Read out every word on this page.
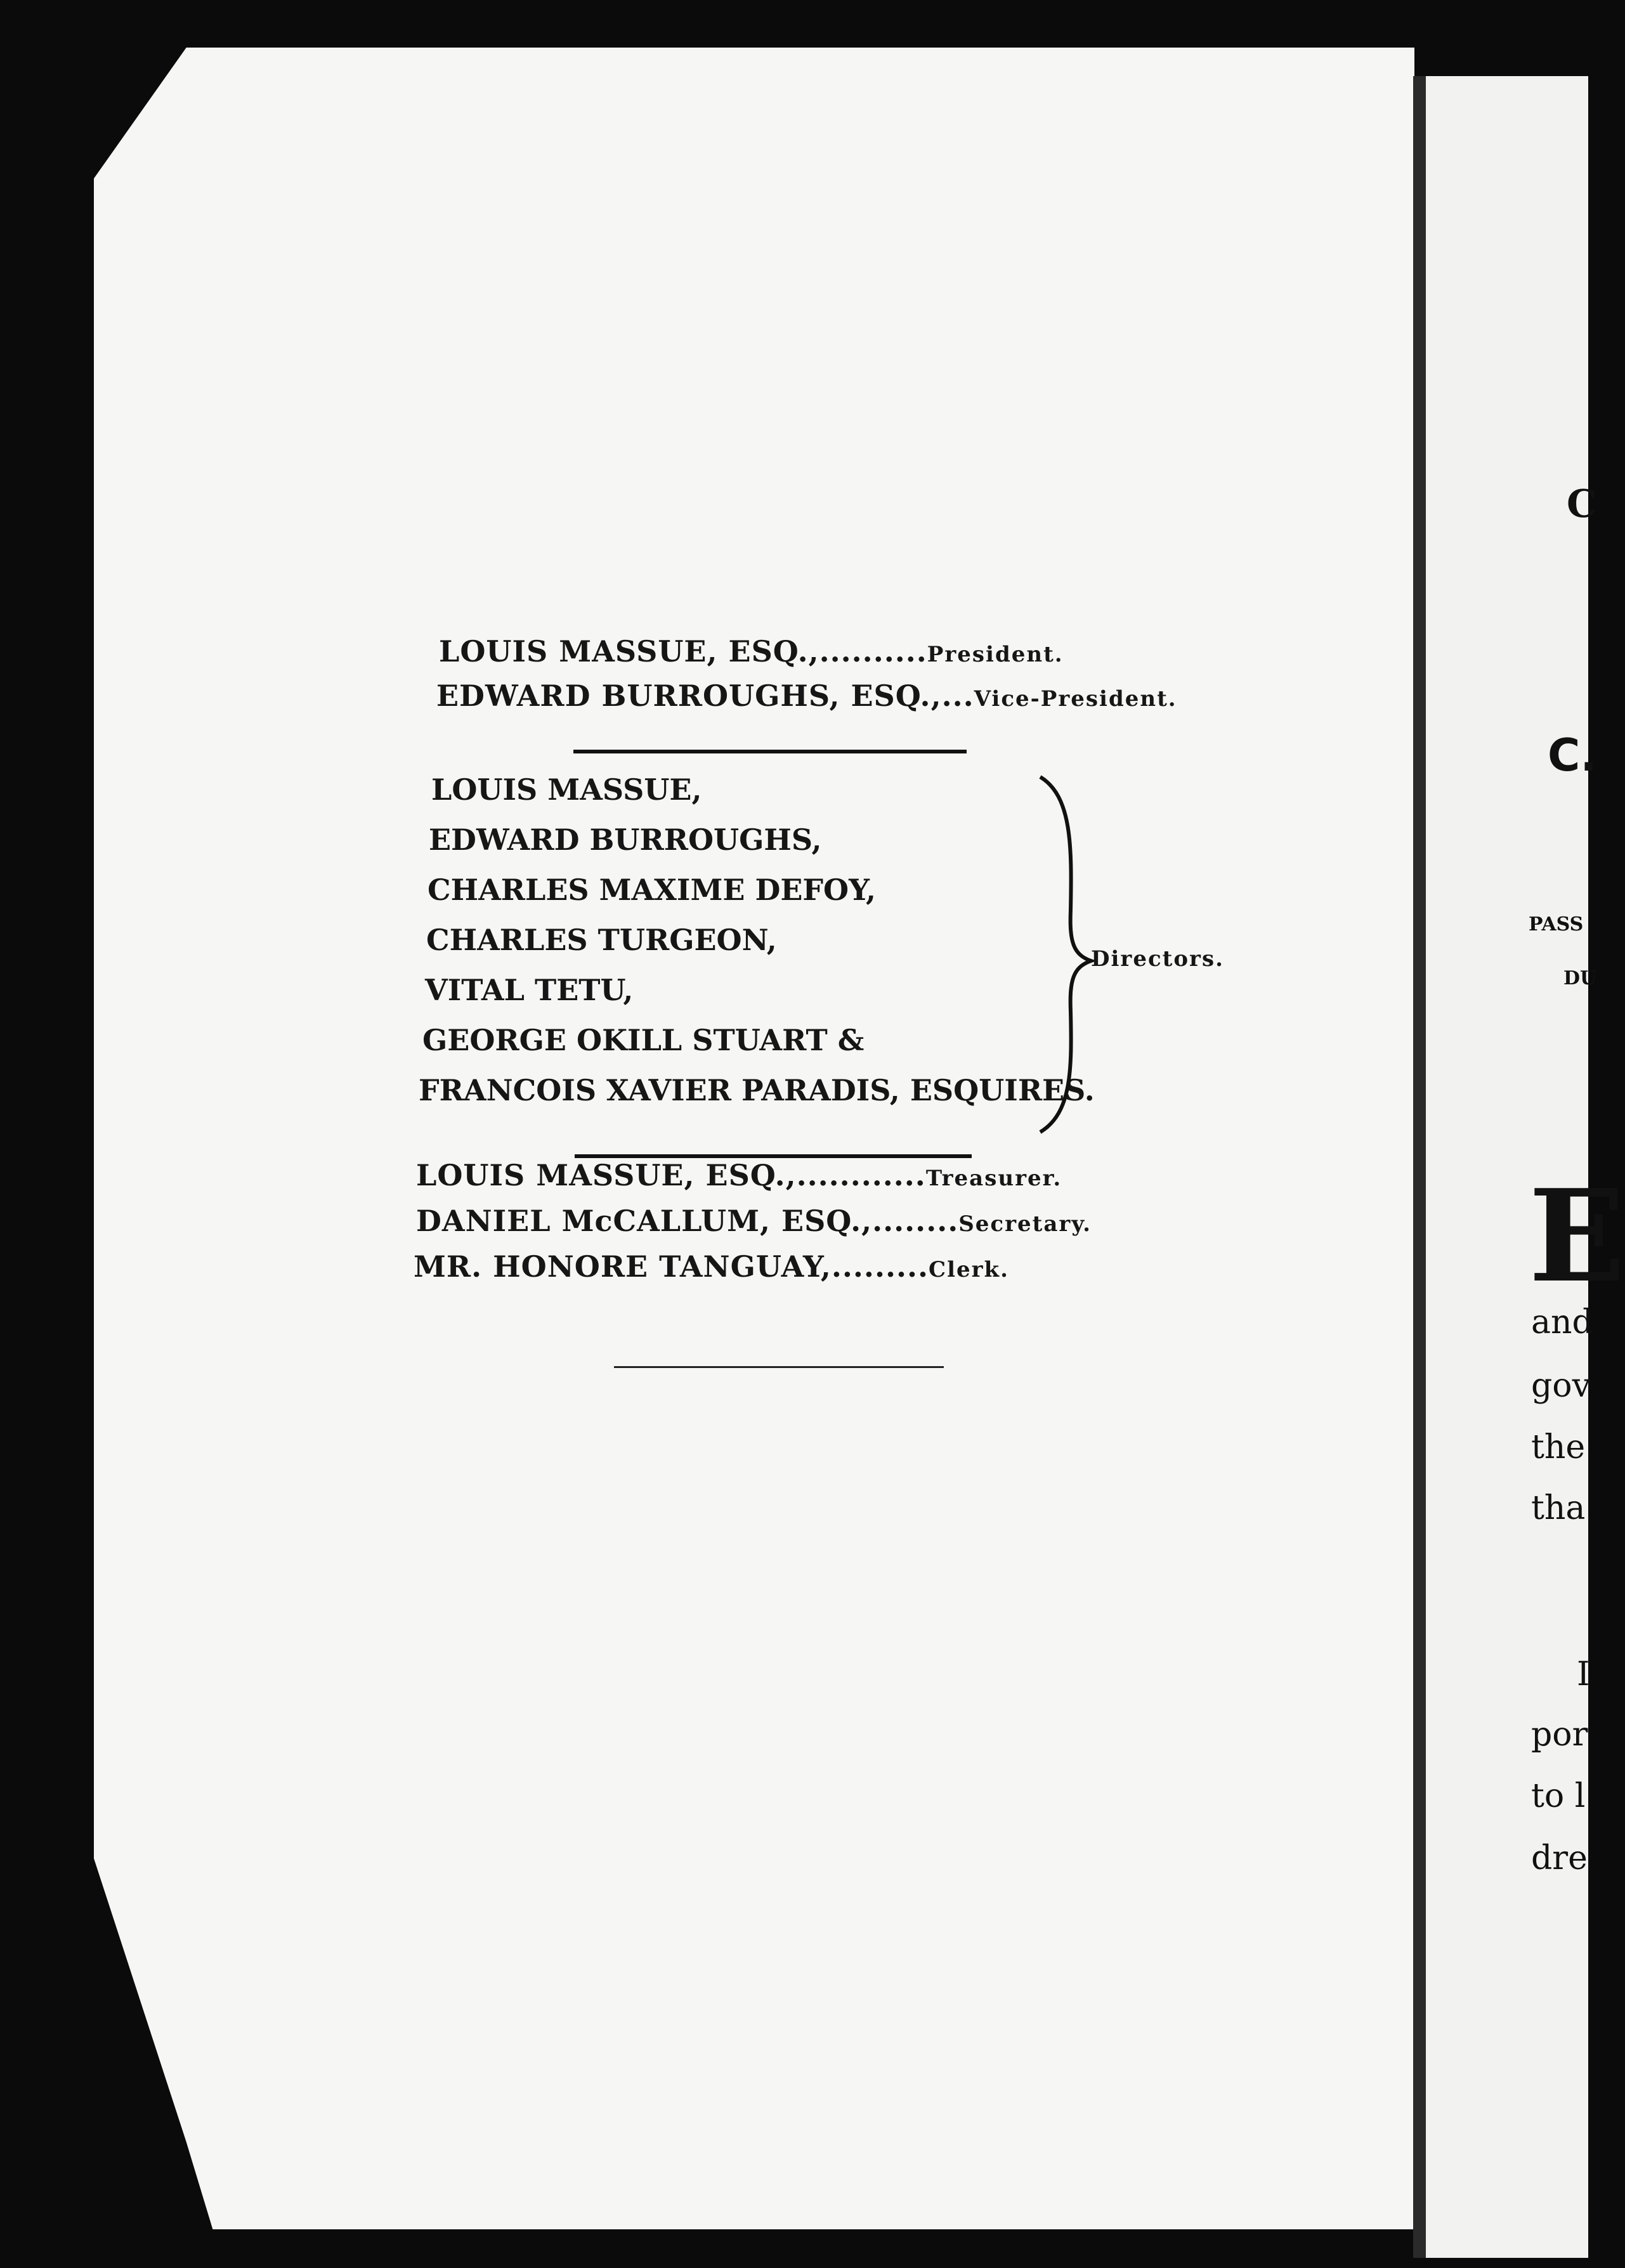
LOUIS MASSUE, ESQ.,..........President.
EDWARD BURROUGHS, ESQ.,...Vice-President.
LOUIS MASSUE,
EDWARD BURROUGHS,
CHARLES MAXIME DEFOY,
CHARLES TURGEON,
VITAL TETU,
GEORGE OKILL STUART &
FRANCOIS XAVIER PARADIS, ESQUIRES.
Directors.
LOUIS MASSUE, ESQ.,............Treasurer.
DANIEL McCALLUM, ESQ.,........Secretary.
MR. HONORE TANGUAY,.........Clerk.
C
C.
PASS
DU
E
and
gov
the
tha
I
por
to l
dre
